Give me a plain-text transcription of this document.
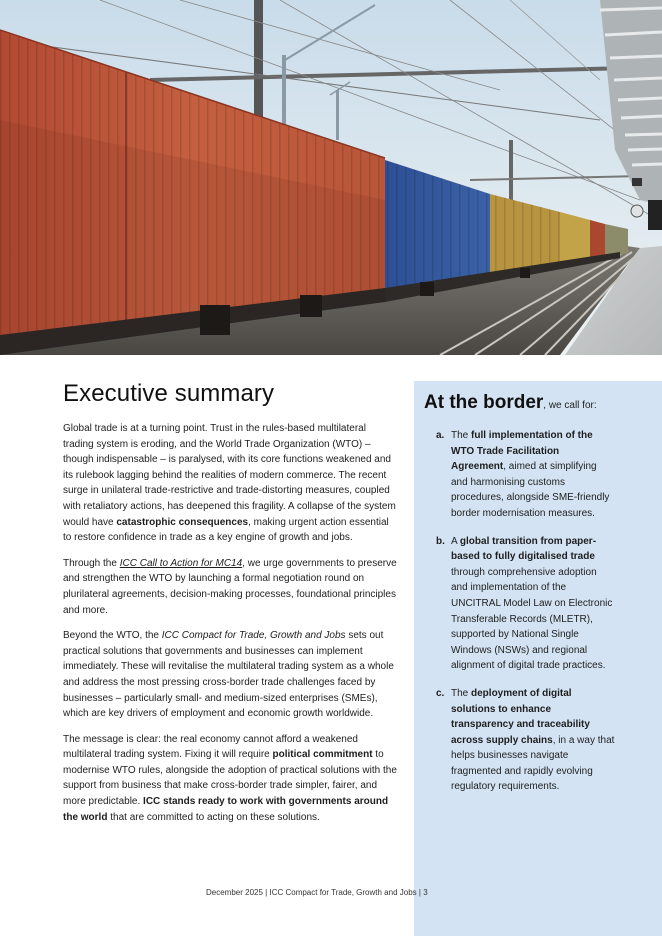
Executive summary

Global trade is at a turning point. Trust in the rules-based multilateral trading system is eroding, and the World Trade Organization (WTO) – though indispensable – is paralysed, with its core functions weakened and its rulebook lagging behind the realities of modern commerce. The recent surge in unilateral trade-restrictive and trade-distorting measures, coupled with retaliatory actions, has deepened this fragility. A collapse of the system would have catastrophic consequences, making urgent action essential to restore confidence in trade as a key engine of growth and jobs.

Through the ICC Call to Action for MC14, we urge governments to preserve and strengthen the WTO by launching a formal negotiation round on plurilateral agreements, decision-making processes, foundational principles and more.

Beyond the WTO, the ICC Compact for Trade, Growth and Jobs sets out practical solutions that governments and businesses can implement immediately. These will revitalise the multilateral trading system as a whole and address the most pressing cross-border trade challenges faced by businesses – particularly small- and medium-sized enterprises (SMEs), which are key drivers of employment and economic growth worldwide.

The message is clear: the real economy cannot afford a weakened multilateral trading system. Fixing it will require political commitment to modernise WTO rules, alongside the adoption of practical solutions with the support from business that make cross-border trade simpler, fairer, and more predictable. ICC stands ready to work with governments around the world that are committed to acting on these solutions.

At the border, we call for:
a. The full implementation of the WTO Trade Facilitation Agreement, aimed at simplifying and harmonising customs procedures, alongside SME-friendly border modernisation measures.
b. A global transition from paper-based to fully digitalised trade through comprehensive adoption and implementation of the UNCITRAL Model Law on Electronic Transferable Records (MLETR), supported by National Single Windows (NSWs) and regional alignment of digital trade practices.
c. The deployment of digital solutions to enhance transparency and traceability across supply chains, in a way that helps businesses navigate fragmented and rapidly evolving regulatory requirements.
December 2025 | ICC Compact for Trade, Growth and Jobs | 3
